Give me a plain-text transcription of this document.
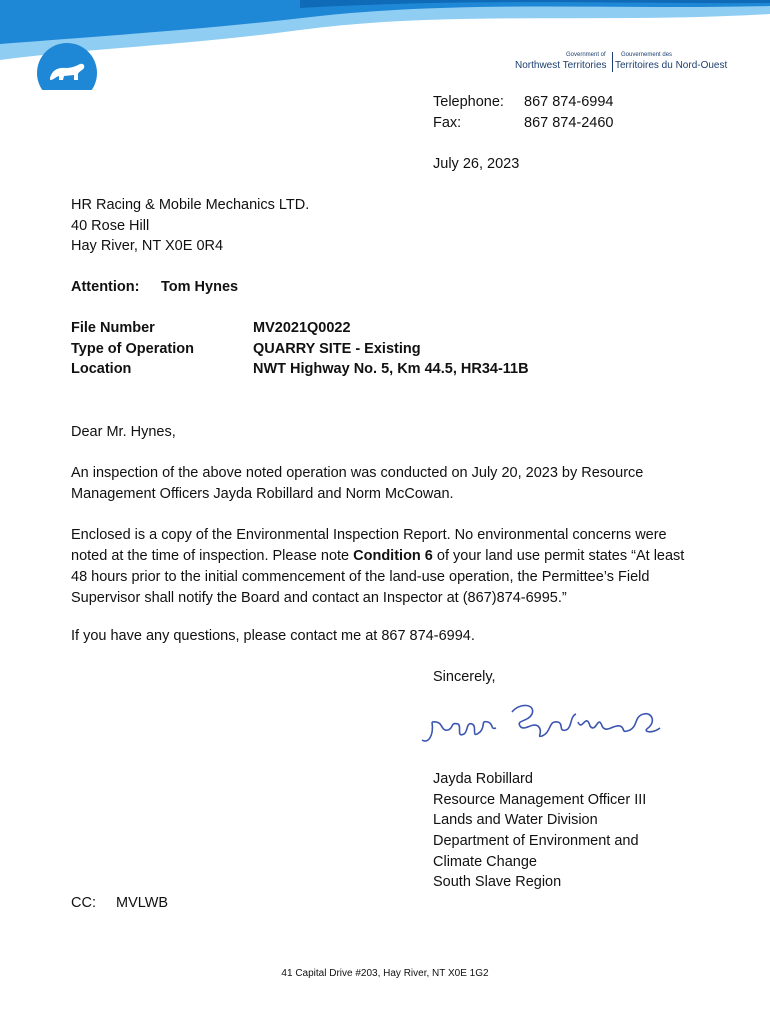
Government of	Gouvernement des
Northwest Territories Territoires du Nord-Ouest
Telephone: 867 874-6994
Fax:	867 874-2460
July 26, 2023
HR Racing & Mobile Mechanics LTD.
40 Rose Hill
Hay River, NT X0E 0R4
Attention: Tom Hynes
File Number	MV2021Q0022
Type of Operation	QUARRY SITE - Existing
Location	NWT Highway No. 5, Km 44.5, HR34-11B
Dear Mr. Hynes,
An inspection of the above noted operation was conducted on July 20, 2023 by Resource Management Officers Jayda Robillard and Norm McCowan.
Enclosed is a copy of the Environmental Inspection Report. No environmental concerns were noted at the time of inspection. Please note Condition 6 of your land use permit states “At least 48 hours prior to the initial commencement of the land-use operation, the Permittee’s Field Supervisor shall notify the Board and contact an Inspector at (867)874-6995.”
If you have any questions, please contact me at 867 874-6994.
Sincerely,
Jayda Robillard
Resource Management Officer III
Lands and Water Division
Department of Environment and
Climate Change
South Slave Region
CC: MVLWB
41 Capital Drive #203, Hay River, NT X0E 1G2
